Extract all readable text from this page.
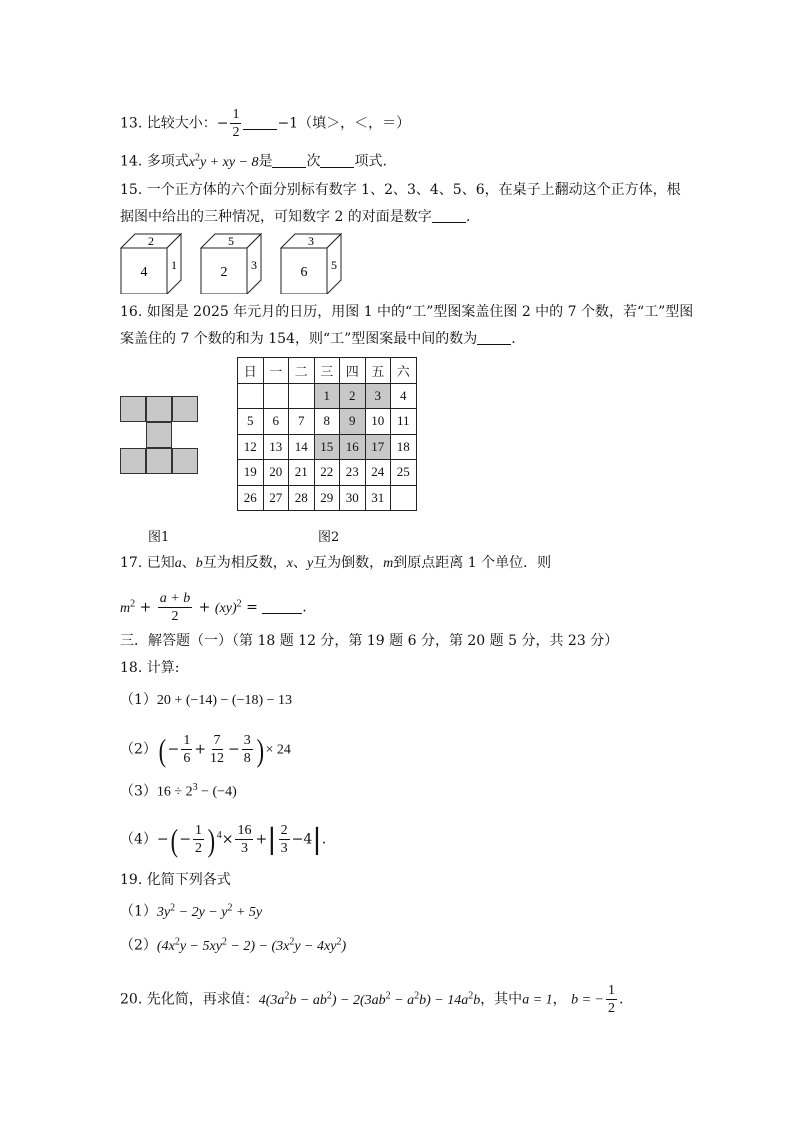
13. 比较大小：− $\frac{1}{2}$	−1（填＞，＜，＝）
14. 多项式$x^2y$ + xy − 8是 次 项式.
15. 一个正方体的六个面分别标有数字 1、2、3、4、5、6，在桌子上翻动这个正方体，根
据图中给出的三种情况，可知数字 2 的对面是数字 .
2
4 1
5
2 3
3
6 5
16. 如图是 2025 年元月的日历，用图 1 中的“工”型图案盖住图 2 中的 7 个数，若“工”型图
案盖住的 7 个数的和为 154，则“工”型图案最中间的数为 .
日	一	二	三	四	五	六
			1	2	3	4
5	6	7	8	9	10	11
12	13	14	15	16	17	18
19	20	21	22	23	24	25
26	27	28	29	30	31	
图1	图2
17. 已知a、b互为相反数，x、y互为倒数，m到原点距离 1 个单位．则
$m^2 + \frac{a + b}{2} + (xy)^2$ =	.
三．解答题（一）（第 18 题 12 分，第 19 题 6 分，第 20 题 5 分，共 23 分）
18. 计算:
（1）20 + (−14) − (−18) − 13
$(2)( - \frac{1}{6} + \frac{7}{12} - \frac{3}{8}$ ) × 24
$(3)16 \div 2^3 - (-4)$
$(4)-( - \frac{1}{2}$ ) $^4\times \frac{16}{3}$ +| $\frac{2}{3} -4|$.
19. 化简下列各式
$(1)3y^2 - 2y - y^2 + 5y$
$(2)(4x^2y - 5xy^2 - 2) - (3x^2y - 4xy^2)$
20. 先化简，再求值：$4(3a^2b - ab^2) - 2(3ab^2 - a^2b) - 14a^2b$，其中a = 1， b = − $\frac{1}{2}$ .
